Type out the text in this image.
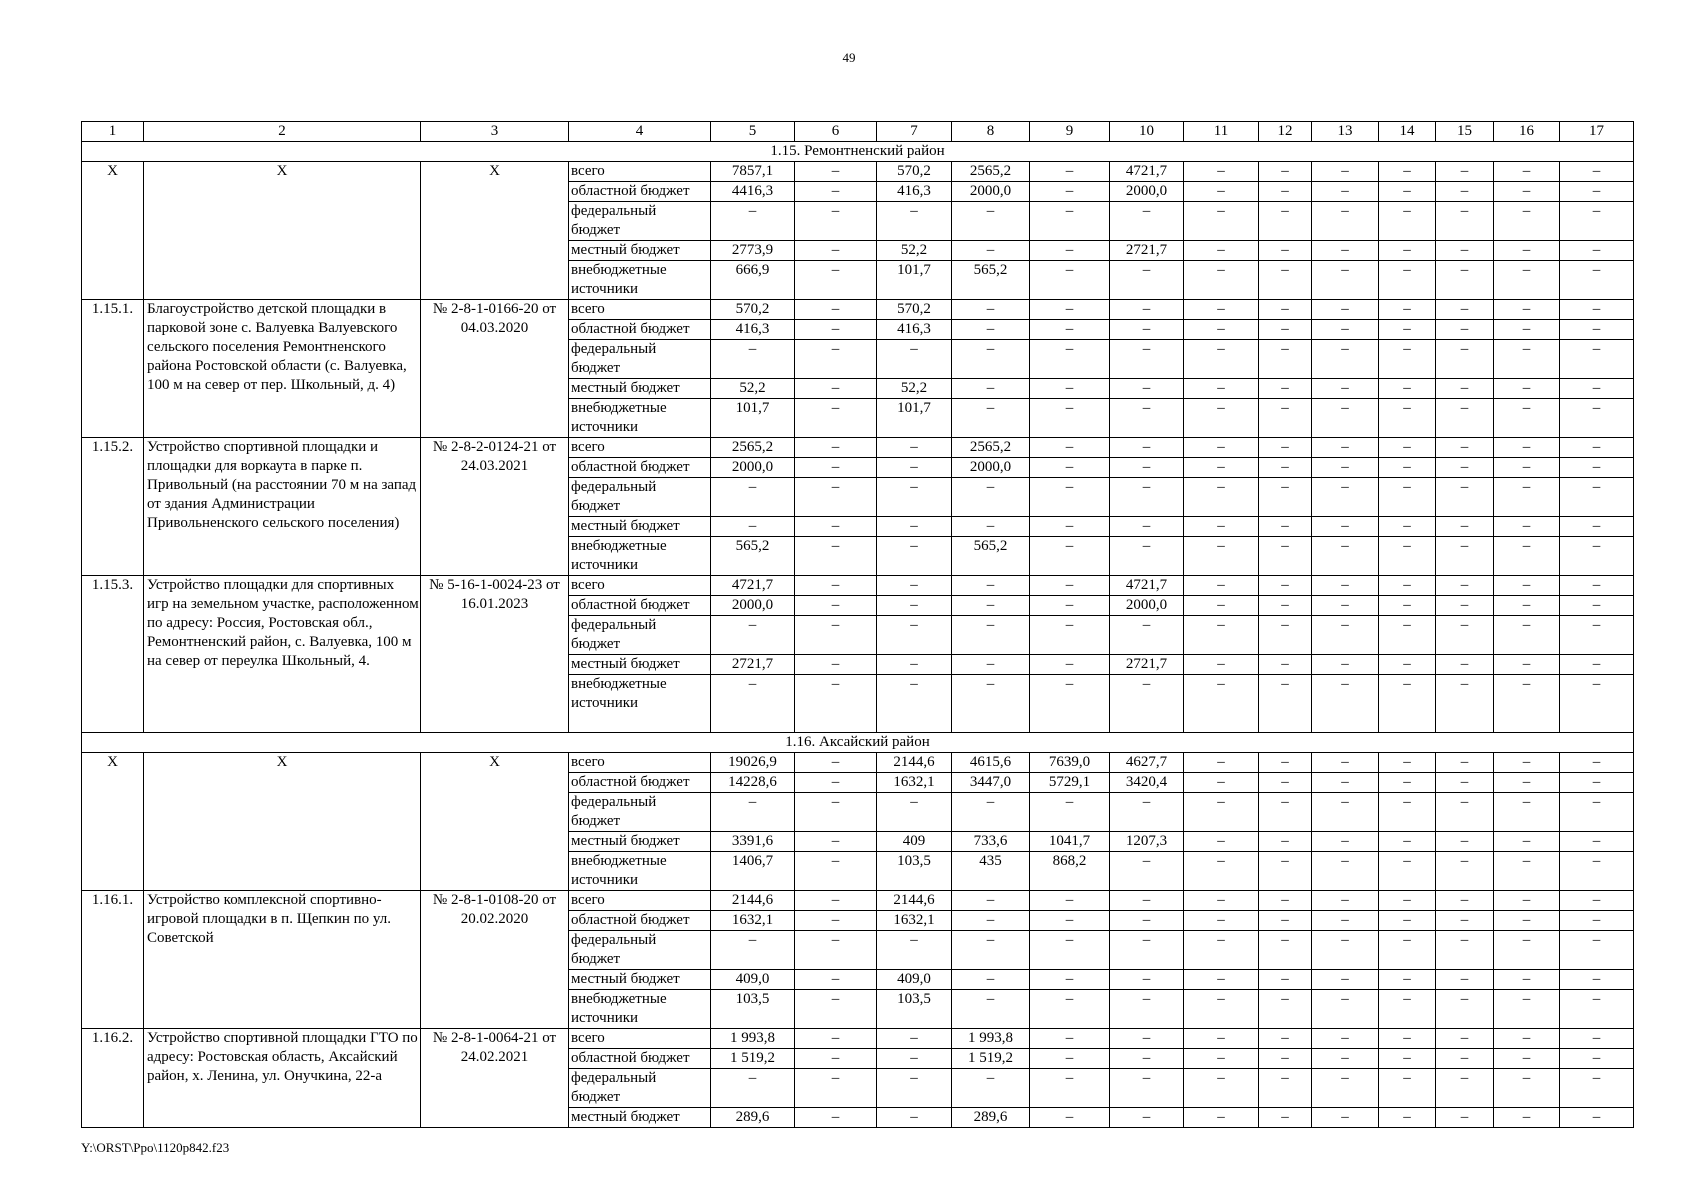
49
1	2	3	4	5	6	7	8	9	10	11	12	13	14	15	16	17
1.15. Ремонтненский район																
X	X	X	всего	7857,1	–	570,2	2565,2	–	4721,7	–	–	–	–	–	–	–
			областной бюджет	4416,3	–	416,3	2000,0	–	2000,0	–	–	–	–	–	–	–
			федеральный бюджет	–	–	–	–	–	–	–	–	–	–	–	–	–
			местный бюджет	2773,9	–	52,2	–	–	2721,7	–	–	–	–	–	–	–
			внебюджетные источники	666,9	–	101,7	565,2	–	–	–	–	–	–	–	–	–
1.15.1.	Благоустройство детской площадки в парковой зоне с. Валуевка Валуевского сельского поселения Ремонтненского района Ростовской области (с. Валуевка, 100 м на север от пер. Школьный, д. 4)	№ 2-8-1-0166-20 от 04.03.2020	всего	570,2	–	570,2	–	–	–	–	–	–	–	–	–	–
			областной бюджет	416,3	–	416,3	–	–	–	–	–	–	–	–	–	–
			федеральный бюджет	–	–	–	–	–	–	–	–	–	–	–	–	–
			местный бюджет	52,2	–	52,2	–	–	–	–	–	–	–	–	–	–
			внебюджетные источники	101,7	–	101,7	–	–	–	–	–	–	–	–	–	–
1.15.2.	Устройство спортивной площадки и площадки для воркаута в парке п. Привольный (на расстоянии 70 м на запад от здания Администрации Привольненского сельского поселения)	№ 2-8-2-0124-21 от 24.03.2021	всего	2565,2	–	–	2565,2	–	–	–	–	–	–	–	–	–
			областной бюджет	2000,0	–	–	2000,0	–	–	–	–	–	–	–	–	–
			федеральный бюджет	–	–	–	–	–	–	–	–	–	–	–	–	–
			местный бюджет	–	–	–	–	–	–	–	–	–	–	–	–	–
			внебюджетные источники	565,2	–	–	565,2	–	–	–	–	–	–	–	–	–
1.15.3.	Устройство площадки для спортивных игр на земельном участке, расположенном по адресу: Россия, Ростовская обл., Ремонтненский район, с. Валуевка, 100 м на север от переулка Школьный, 4.	№ 5-16-1-0024-23 от 16.01.2023	всего	4721,7	–	–	–	–	4721,7	–	–	–	–	–	–	–
			областной бюджет	2000,0	–	–	–	–	2000,0	–	–	–	–	–	–	–
			федеральный бюджет	–	–	–	–	–	–	–	–	–	–	–	–	–
			местный бюджет	2721,7	–	–	–	–	2721,7	–	–	–	–	–	–	–
			внебюджетные источники	–	–	–	–	–	–	–	–	–	–	–	–	–
1.16. Аксайский район																
X	X	X	всего	19026,9	–	2144,6	4615,6	7639,0	4627,7	–	–	–	–	–	–	–
			областной бюджет	14228,6	–	1632,1	3447,0	5729,1	3420,4	–	–	–	–	–	–	–
			федеральный бюджет	–	–	–	–	–	–	–	–	–	–	–	–	–
			местный бюджет	3391,6	–	409	733,6	1041,7	1207,3	–	–	–	–	–	–	–
			внебюджетные источники	1406,7	–	103,5	435	868,2	–	–	–	–	–	–	–	–
1.16.1.	Устройство комплексной спортивно-игровой площадки в п. Щепкин по ул. Советской	№ 2-8-1-0108-20 от 20.02.2020	всего	2144,6	–	2144,6	–	–	–	–	–	–	–	–	–	–
			областной бюджет	1632,1	–	1632,1	–	–	–	–	–	–	–	–	–	–
			федеральный бюджет	–	–	–	–	–	–	–	–	–	–	–	–	–
			местный бюджет	409,0	–	409,0	–	–	–	–	–	–	–	–	–	–
			внебюджетные источники	103,5	–	103,5	–	–	–	–	–	–	–	–	–	–
1.16.2.	Устройство спортивной площадки ГТО по адресу: Ростовская область, Аксайский район, х. Ленина, ул. Онучкина, 22-а	№ 2-8-1-0064-21 от 24.02.2021	всего	1 993,8	–	–	1 993,8	–	–	–	–	–	–	–	–	–
			областной бюджет	1 519,2	–	–	1 519,2	–	–	–	–	–	–	–	–	–
			федеральный бюджет	–	–	–	–	–	–	–	–	–	–	–	–	–
			местный бюджет	289,6	–	–	289,6	–	–	–	–	–	–	–	–	–
Y:\ORST\Ppo\1120p842.f23
